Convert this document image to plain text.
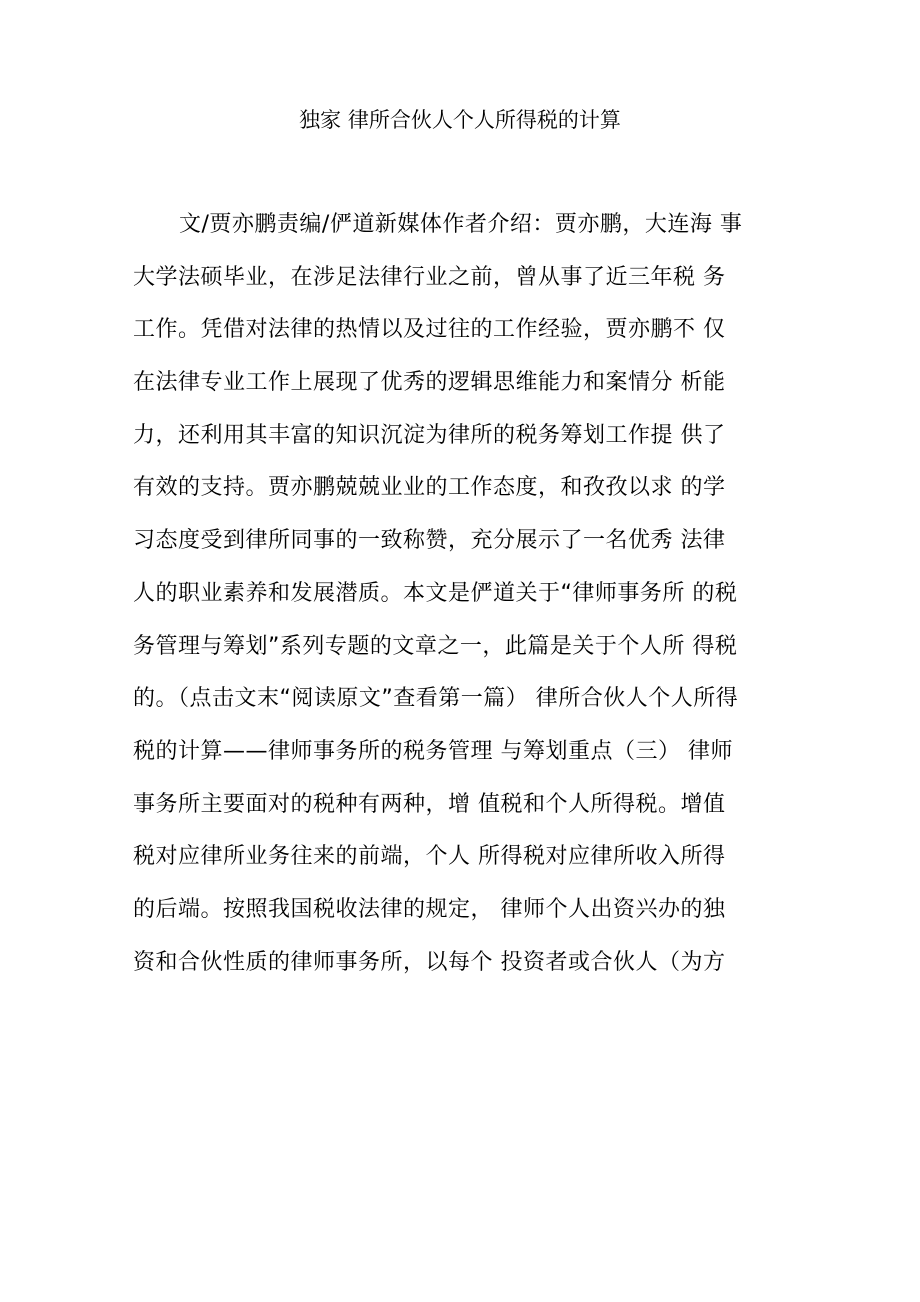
独家 律所合伙人个人所得税的计算
文/贾亦鹏责编/俨道新媒体作者介绍：贾亦鹏，大连海 事
大学法硕毕业，在涉足法律行业之前，曾从事了近三年税 务
工作。凭借对法律的热情以及过往的工作经验，贾亦鹏不 仅
在法律专业工作上展现了优秀的逻辑思维能力和案情分 析能
力，还利用其丰富的知识沉淀为律所的税务筹划工作提 供了
有效的支持。贾亦鹏兢兢业业的工作态度，和孜孜以求 的学
习态度受到律所同事的一致称赞，充分展示了一名优秀 法律
人的职业素养和发展潜质。本文是俨道关于“律师事务所 的税
务管理与筹划”系列专题的文章之一，此篇是关于个人所 得税
的。（点击文末“阅读原文”查看第一篇） 律所合伙人个人所得
税的计算——律师事务所的税务管理 与筹划重点（三） 律师
事务所主要面对的税种有两种，增 值税和个人所得税。增值
税对应律所业务往来的前端，个人 所得税对应律所收入所得
的后端。按照我国税收法律的规定， 律师个人出资兴办的独
资和合伙性质的律师事务所，以每个 投资者或合伙人（为方
